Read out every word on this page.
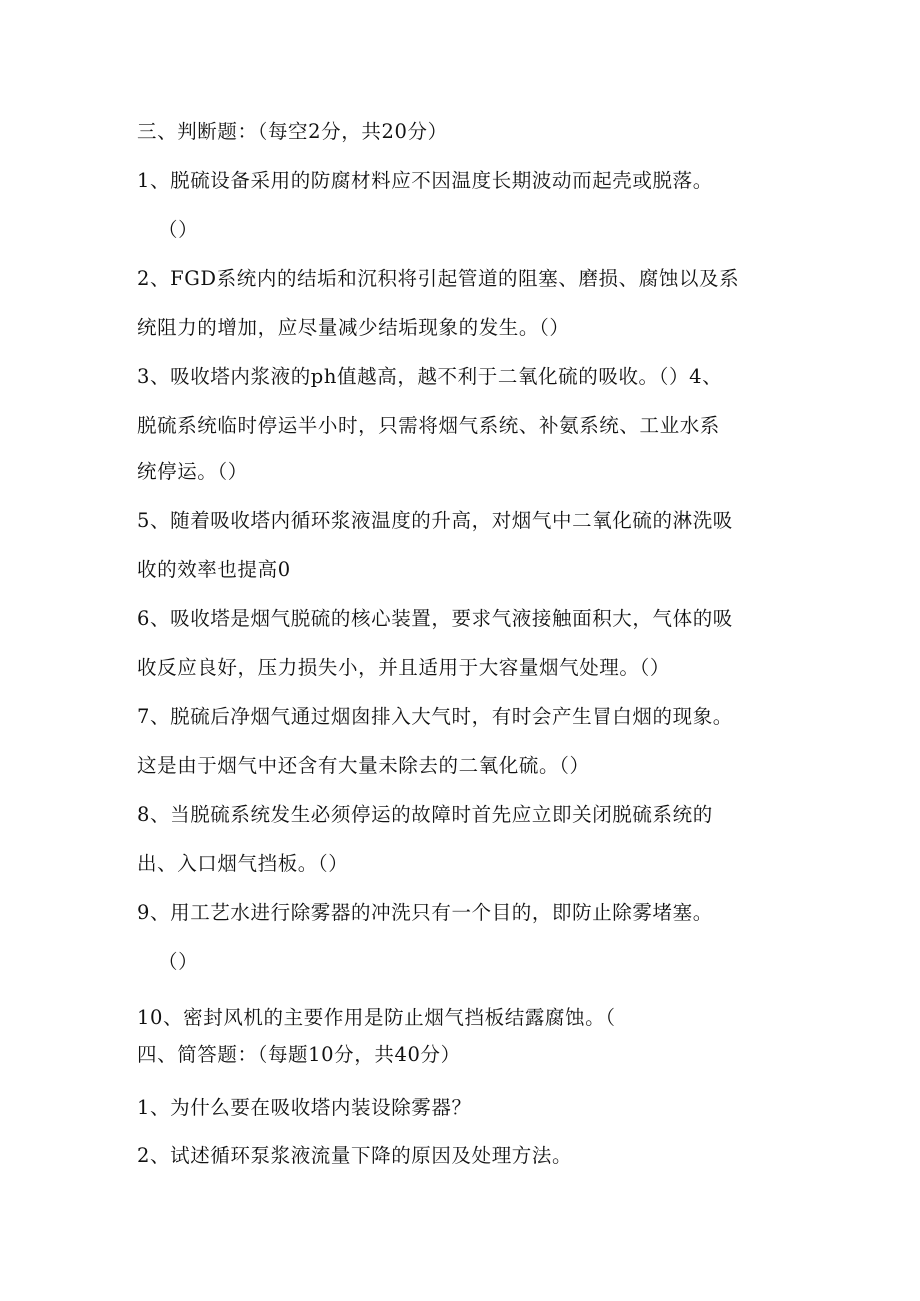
三、判断题：（每空2分，共20分）
1、脱硫设备采用的防腐材料应不因温度长期波动而起壳或脱落。
（）
2、FGD系统内的结垢和沉积将引起管道的阻塞、磨损、腐蚀以及系
统阻力的增加，应尽量减少结垢现象的发生。（）
3、吸收塔内浆液的ph值越高，越不利于二氧化硫的吸收。（）4、
脱硫系统临时停运半小时，只需将烟气系统、补氨系统、工业水系
统停运。（）
5、随着吸收塔内循环浆液温度的升高，对烟气中二氧化硫的淋洗吸
收的效率也提高0
6、吸收塔是烟气脱硫的核心装置，要求气液接触面积大，气体的吸
收反应良好，压力损失小，并且适用于大容量烟气处理。（）
7、脱硫后净烟气通过烟囱排入大气时，有时会产生冒白烟的现象。
这是由于烟气中还含有大量未除去的二氧化硫。（）
8、当脱硫系统发生必须停运的故障时首先应立即关闭脱硫系统的
出、入口烟气挡板。（）
9、用工艺水进行除雾器的冲洗只有一个目的，即防止除雾堵塞。
（）
10、密封风机的主要作用是防止烟气挡板结露腐蚀。（
四、简答题：（每题10分，共40分）
1、为什么要在吸收塔内装设除雾器？
2、试述循环泵浆液流量下降的原因及处理方法。
